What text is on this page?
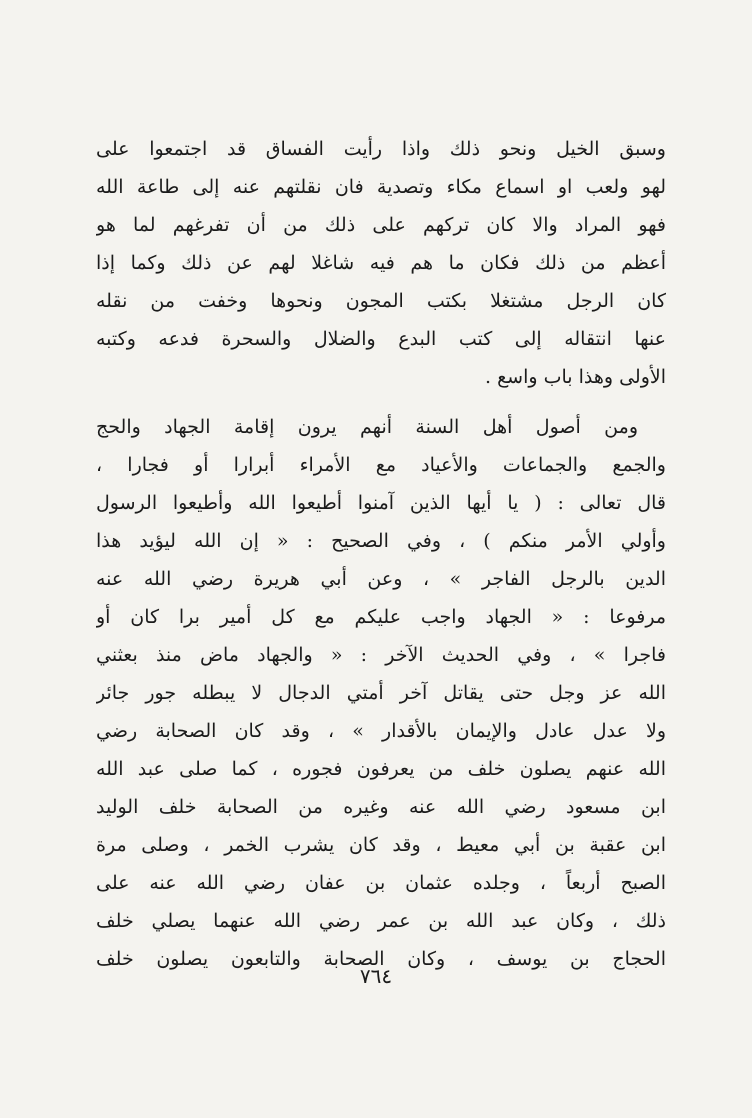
وسبق الخيل ونحو ذلك واذا رأيت الفساق قد اجتمعوا على
لهو ولعب او اسماع مكاء وتصدية فان نقلتهم عنه إلى طاعة الله
فهو المراد والا كان تركهم على ذلك من أن تفرغهم لما هو
أعظم من ذلك فكان ما هم فيه شاغلا لهم عن ذلك وكما إذا
كان الرجل مشتغلا بكتب المجون ونحوها وخفت من نقله
عنها انتقاله إلى كتب البدع والضلال والسحرة فدعه وكتبه
الأولى وهذا باب واسع .
ومن أصول أهل السنة أنهم يرون إقامة الجهاد والحج
والجمع والجماعات والأعياد مع الأمراء أبرارا أو فجارا ،
قال تعالى : ( يا أيها الذين آمنوا أطيعوا الله وأطيعوا الرسول
وأولي الأمر منكم ) ، وفي الصحيح : « إن الله ليؤيد هذا
الدين بالرجل الفاجر » ، وعن أبي هريرة رضي الله عنه
مرفوعا : « الجهاد واجب عليكم مع كل أمير برا كان أو
فاجرا » ، وفي الحديث الآخر : « والجهاد ماض منذ بعثني
الله عز وجل حتى يقاتل آخر أمتي الدجال لا يبطله جور جائر
ولا عدل عادل والإيمان بالأقدار » ، وقد كان الصحابة رضي
الله عنهم يصلون خلف من يعرفون فجوره ، كما صلى عبد الله
ابن مسعود رضي الله عنه وغيره من الصحابة خلف الوليد
ابن عقبة بن أبي معيط ، وقد كان يشرب الخمر ، وصلى مرة
الصبح أربعاً ، وجلده عثمان بن عفان رضي الله عنه على
ذلك ، وكان عبد الله بن عمر رضي الله عنهما يصلي خلف
الحجاج بن يوسف ، وكان الصحابة والتابعون يصلون خلف
٧٦٤
